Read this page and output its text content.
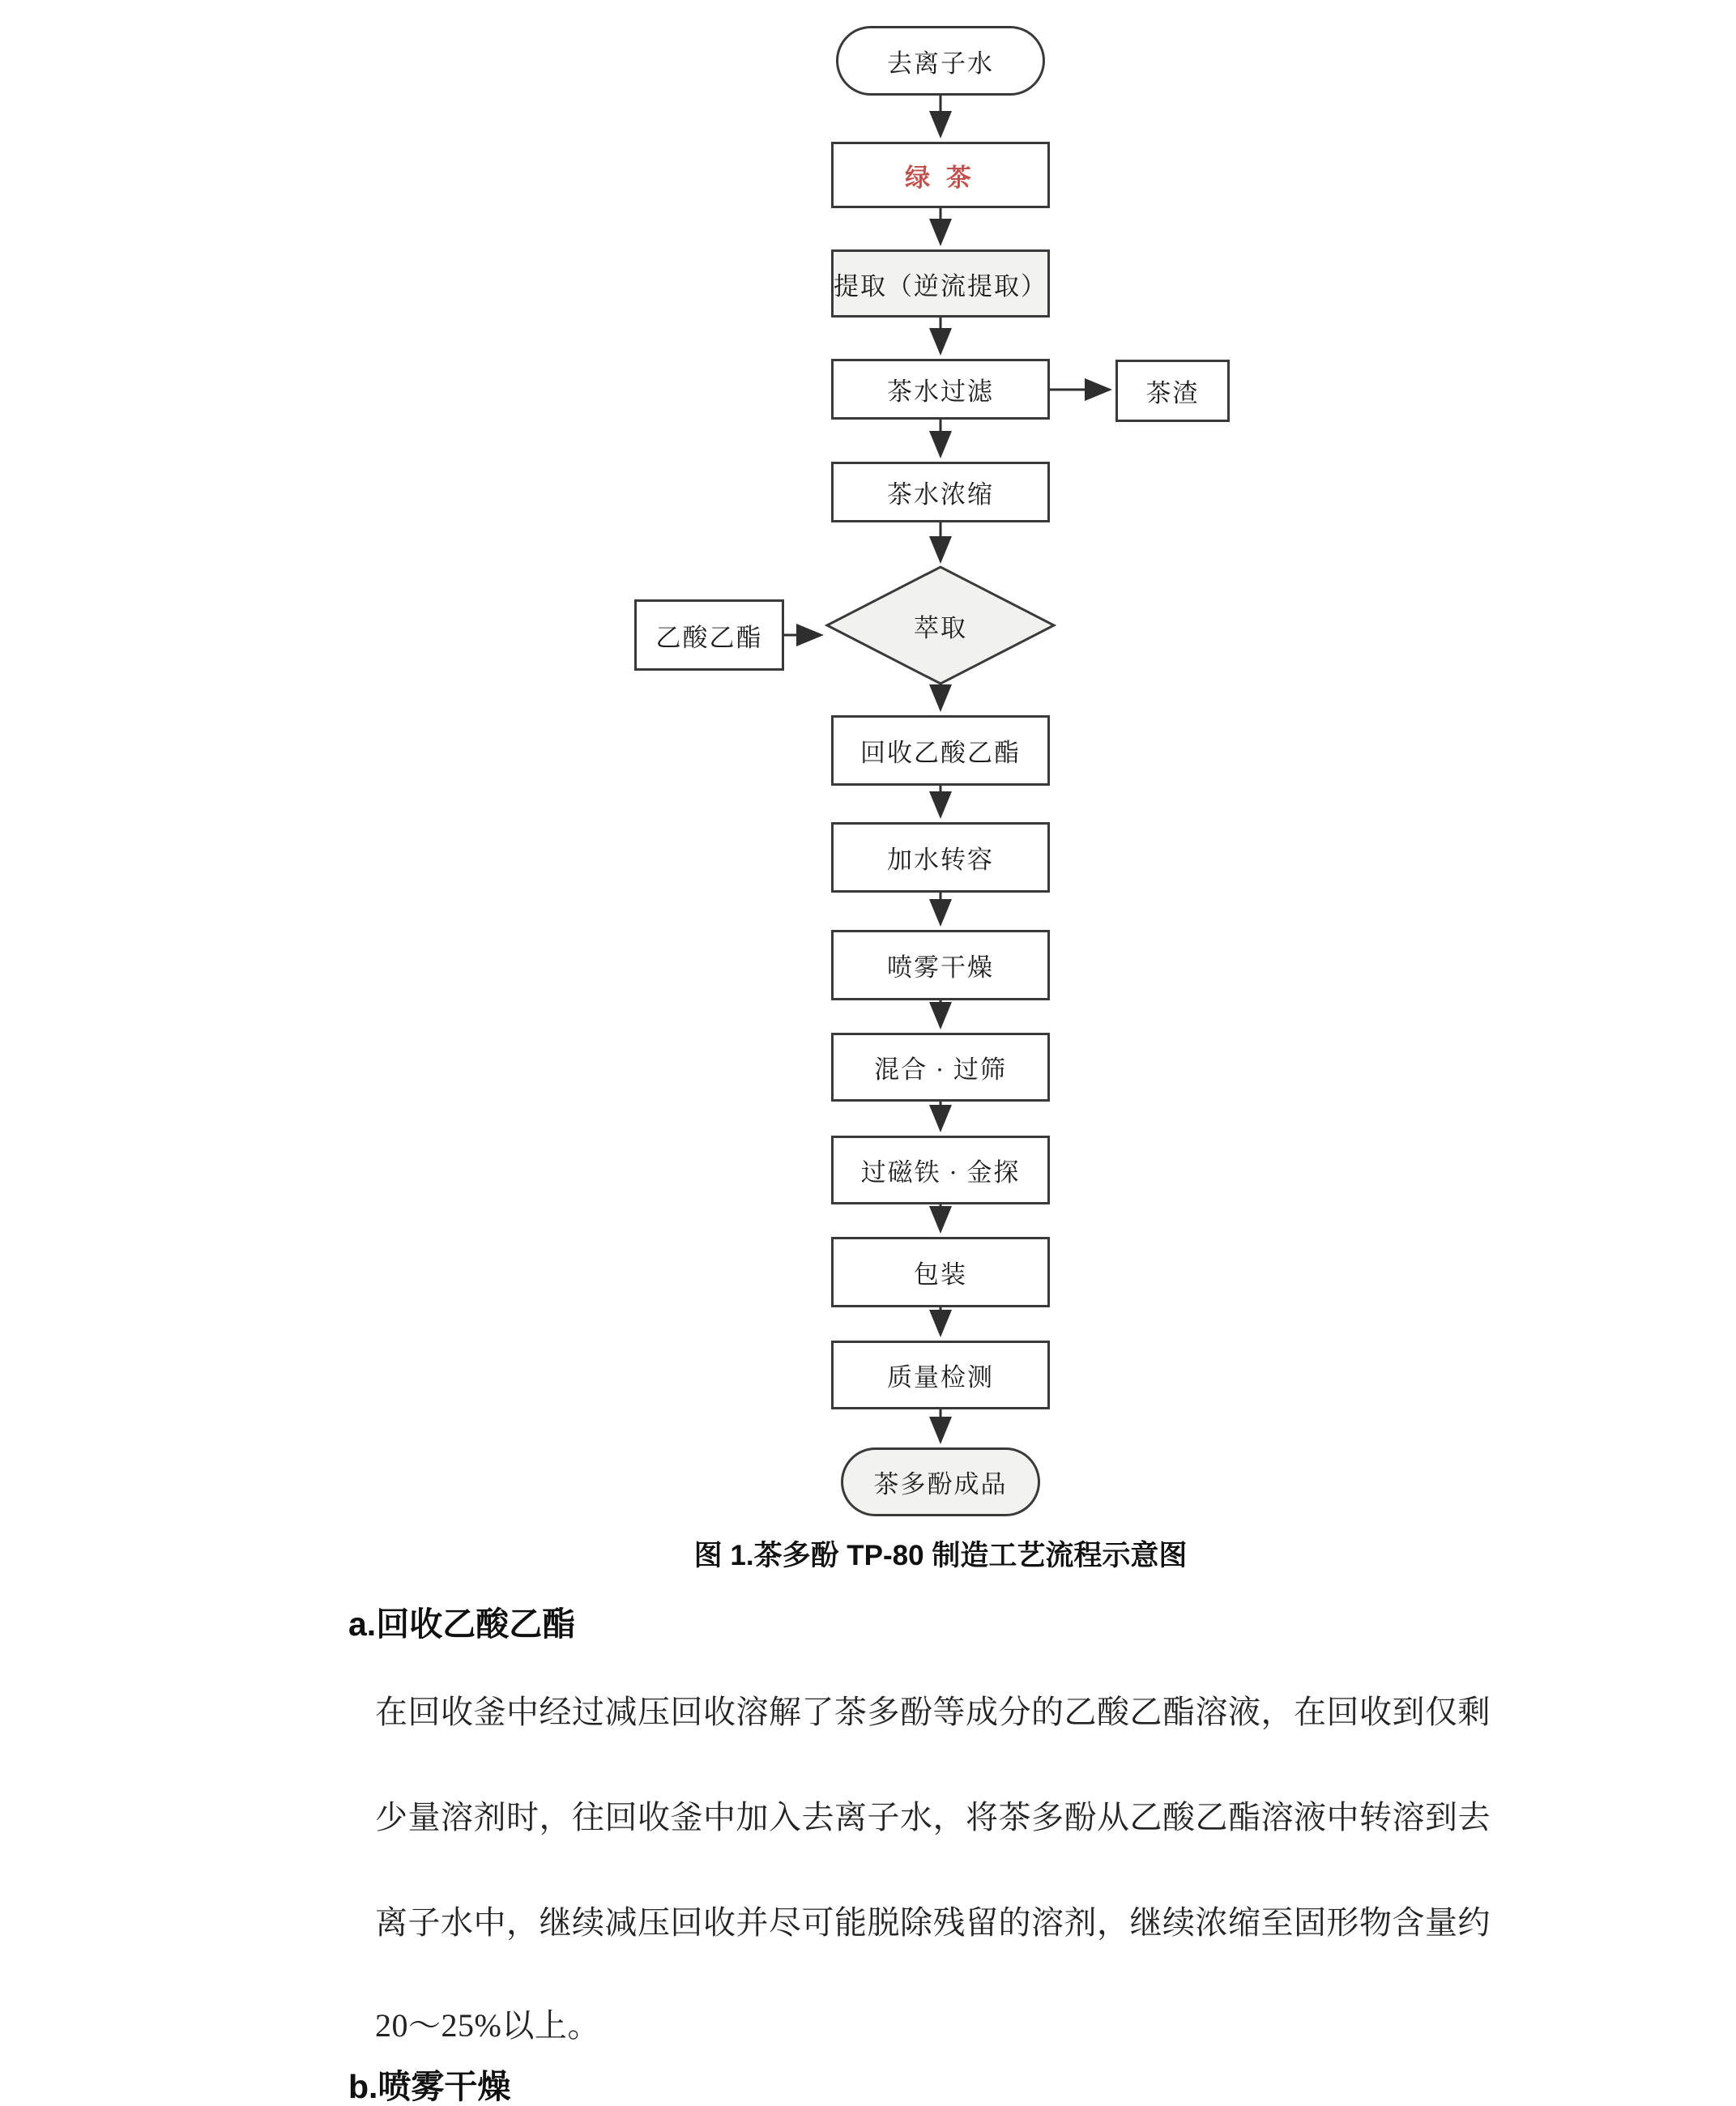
去离子水
绿 茶
提取（逆流提取）
茶水过滤	茶渣
茶水浓缩
乙酸乙酯	萃取
回收乙酸乙酯
加水转容
喷雾干燥
混合 · 过筛
过磁铁 · 金探
包装
质量检测
茶多酚成品
图 1.茶多酚 TP-80 制造工艺流程示意图
a.回收乙酸乙酯
在回收釜中经过减压回收溶解了茶多酚等成分的乙酸乙酯溶液，在回收到仅剩
少量溶剂时，往回收釜中加入去离子水，将茶多酚从乙酸乙酯溶液中转溶到去
离子水中，继续减压回收并尽可能脱除残留的溶剂，继续浓缩至固形物含量约
20～25%以上。
b.喷雾干燥
